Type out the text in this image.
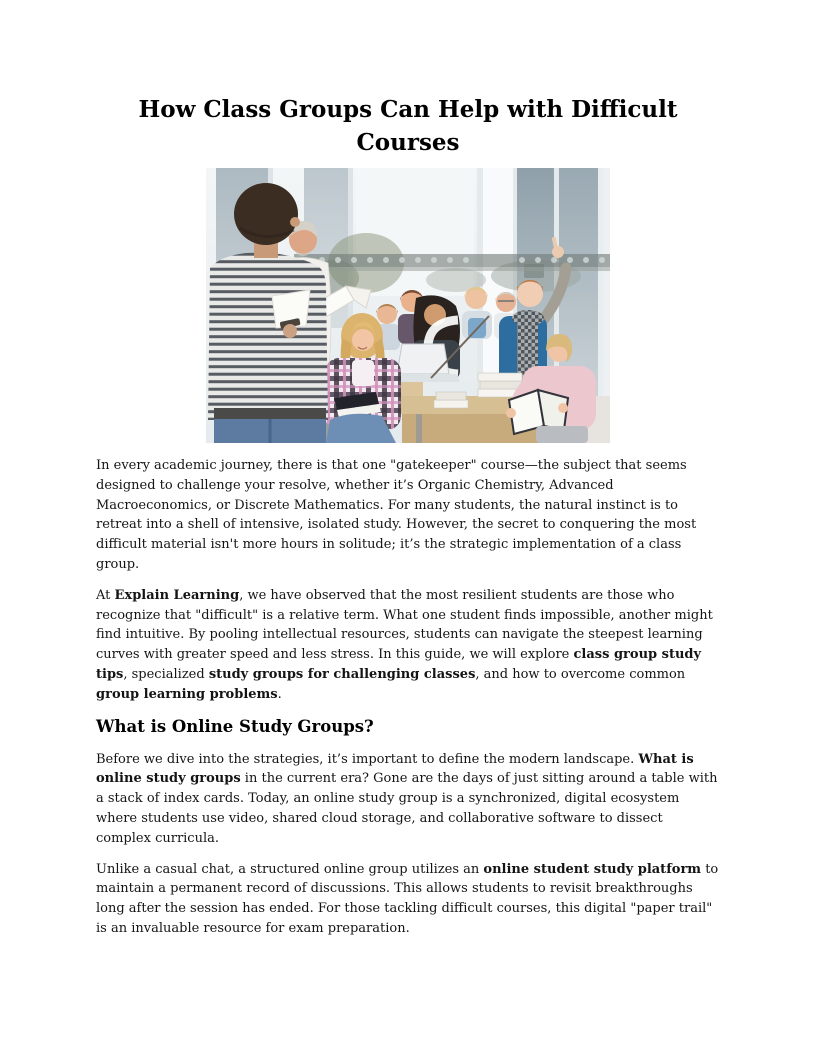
How Class Groups Can Help with Difficult Courses

In every academic journey, there is that one "gatekeeper" course—the subject that seems designed to challenge your resolve, whether it’s Organic Chemistry, Advanced Macroeconomics, or Discrete Mathematics. For many students, the natural instinct is to retreat into a shell of intensive, isolated study. However, the secret to conquering the most difficult material isn't more hours in solitude; it’s the strategic implementation of a class group.

At Explain Learning, we have observed that the most resilient students are those who recognize that "difficult" is a relative term. What one student finds impossible, another might find intuitive. By pooling intellectual resources, students can navigate the steepest learning curves with greater speed and less stress. In this guide, we will explore class group study tips, specialized study groups for challenging classes, and how to overcome common group learning problems.

What is Online Study Groups?

Before we dive into the strategies, it’s important to define the modern landscape. What is online study groups in the current era? Gone are the days of just sitting around a table with a stack of index cards. Today, an online study group is a synchronized, digital ecosystem where students use video, shared cloud storage, and collaborative software to dissect complex curricula.

Unlike a casual chat, a structured online group utilizes an online student study platform to maintain a permanent record of discussions. This allows students to revisit breakthroughs long after the session has ended. For those tackling difficult courses, this digital "paper trail" is an invaluable resource for exam preparation.
